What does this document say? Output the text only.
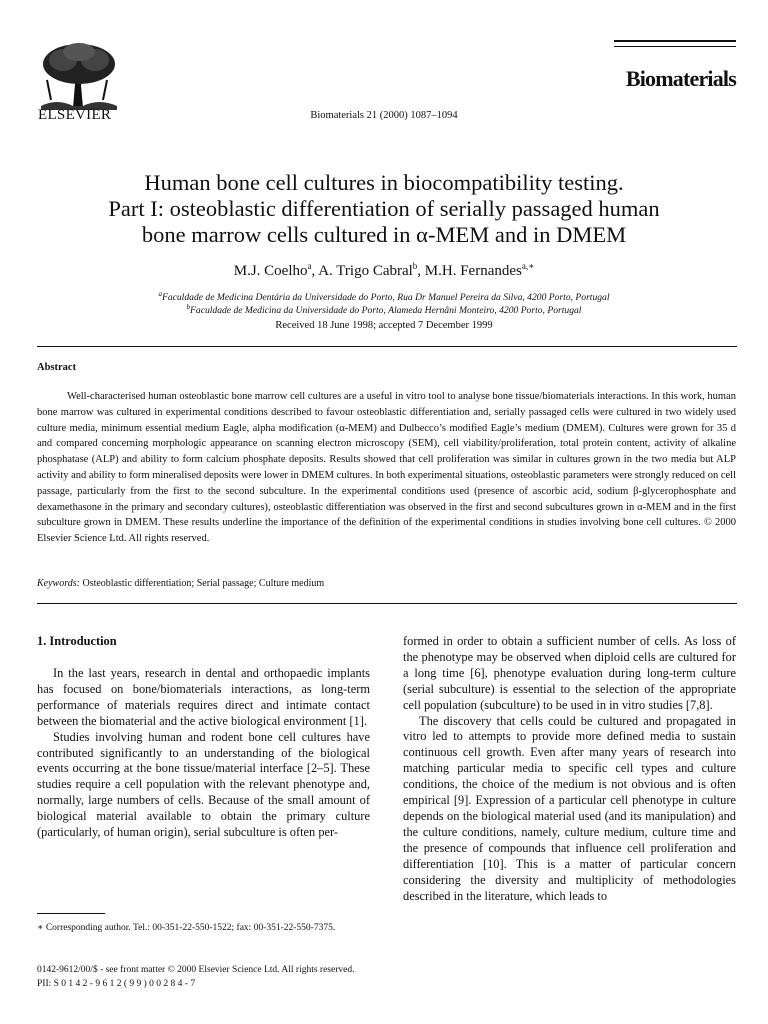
ELSEVIER	Biomaterials 21 (2000) 1087–1094
Biomaterials
Human bone cell cultures in biocompatibility testing.
Part I: osteoblastic differentiation of serially passaged human
bone marrow cells cultured in α-MEM and in DMEM
M.J. Coelho$^a$, A. Trigo Cabral$^b$, M.H. Fernandes$^{a,∗}$
$^a$Faculdade de Medicina Dentária da Universidade do Porto, Rua Dr Manuel Pereira da Silva, 4200 Porto, Portugal
$^b$Faculdade de Medicina da Universidade do Porto, Alameda Hernâni Monteiro, 4200 Porto, Portugal
Received 18 June 1998; accepted 7 December 1999
Abstract

Well-characterised human osteoblastic bone marrow cell cultures are a useful in vitro tool to analyse bone tissue/biomaterials interactions. In this work, human bone marrow was cultured in experimental conditions described to favour osteoblastic differentiation and, serially passaged cells were cultured in two widely used culture media, minimum essential medium Eagle, alpha modification (α-MEM) and Dulbecco’s modified Eagle’s medium (DMEM). Cultures were grown for 35 d and compared concerning morphologic appearance on scanning electron microscopy (SEM), cell viability/proliferation, total protein content, activity of alkaline phosphatase (ALP) and ability to form calcium phosphate deposits. Results showed that cell proliferation was similar in cultures grown in the two media but ALP activity and ability to form mineralised deposits were lower in DMEM cultures. In both experimental situations, osteoblastic parameters were strongly reduced on cell passage, particularly from the first to the second subculture. In the experimental conditions used (presence of ascorbic acid, sodium β-glycerophosphate and dexamethasone in the primary and secondary cultures), osteoblastic differentiation was observed in the first and second subcultures grown in α-MEM and in the first subculture grown in DMEM. These results underline the importance of the definition of the experimental conditions in studies involving bone cell cultures. © 2000 Elsevier Science Ltd. All rights reserved.

Keywords: Osteoblastic differentiation; Serial passage; Culture medium
1. Introduction

In the last years, research in dental and orthopaedic implants has focused on bone/biomaterials interactions, as long-term performance of materials requires direct and intimate contact between the biomaterial and the active biological environment [1].

Studies involving human and rodent bone cell cultures have contributed significantly to an understanding of the biological events occurring at the bone tissue/material interface [2–5]. These studies require a cell population with the relevant phenotype and, normally, large numbers of cells. Because of the small amount of biological material available to obtain the primary culture (particularly, of human origin), serial subculture is often per-

formed in order to obtain a sufficient number of cells. As loss of the phenotype may be observed when diploid cells are cultured for a long time [6], phenotype evaluation during long-term culture (serial subculture) is essential to the selection of the appropriate cell population (subculture) to be used in in vitro studies [7,8].

The discovery that cells could be cultured and propagated in vitro led to attempts to provide more defined media to sustain continuous cell growth. Even after many years of research into matching particular media to specific cell types and culture conditions, the choice of the medium is not obvious and is often empirical [9]. Expression of a particular cell phenotype in culture depends on the biological material used (and its manipulation) and the culture conditions, namely, culture medium, culture time and the presence of compounds that influence cell proliferation and differentiation [10]. This is a matter of particular concern considering the diversity and multiplicity of methodologies described in the literature, which leads to

∗ Corresponding author. Tel.: 00-351-22-550-1522; fax: 00-351-22-550-7375.
0142-9612/00/$ - see front matter © 2000 Elsevier Science Ltd. All rights reserved.
PII: S 0 1 4 2 - 9 6 1 2 ( 9 9 ) 0 0 2 8 4 - 7
